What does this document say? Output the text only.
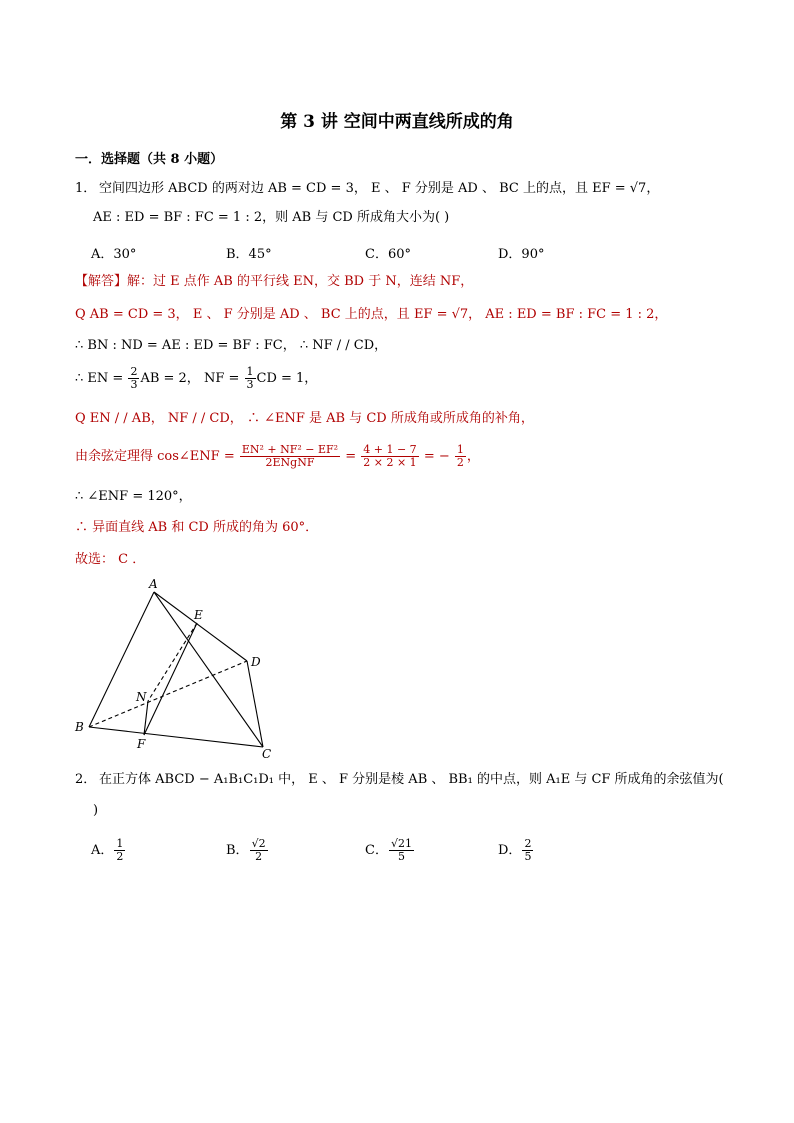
第 3 讲 空间中两直线所成的角
一．选择题（共 8 小题）
1． 空间四边形 ABCD 的两对边 AB = CD = 3， E 、 F 分别是 AD 、 BC 上的点，且 EF = √7，
AE : ED = BF : FC = 1 : 2，则 AB 与 CD 所成角大小为( )
A．30°	B．45°	C．60°	D．90°
【解答】解：过 E 点作 AB 的平行线 EN，交 BD 于 N，连结 NF，
Q AB = CD = 3， E 、 F 分别是 AD 、 BC 上的点，且 EF = √7， AE : ED = BF : FC = 1 : 2，
∴ BN : ND = AE : ED = BF : FC， ∴ NF / / CD，
∴ EN = $\frac{2}{3}$ AB = 2， NF = $\frac{1}{3}$ CD = 1，
Q EN / / AB， NF / / CD， ∴ ∠ENF 是 AB 与 CD 所成角或所成角的补角，
由余弦定理得 cos∠ENF = $\frac{\text{EN² + NF² − EF²}}{\text{2ENgNF}} = \frac{4 + 1 - 7}{2 \times 2 \times 1}$ = − $\frac{1}{2}$ ，
∴ ∠ENF = 120°，
∴ 异面直线 AB 和 CD 所成的角为 60°．
故选： C ．
A
E
D
N
B
F
C
2． 在正方体 ABCD − A₁B₁C₁D₁ 中， E 、 F 分别是棱 AB 、 BB₁ 的中点，则 A₁E 与 CF 所成角的余弦值为(
)
A． $\frac{1}{2}$	B． $\frac{√2}{2}$	C． $\frac{√21}{5}$	D． $\frac{2}{5}$
